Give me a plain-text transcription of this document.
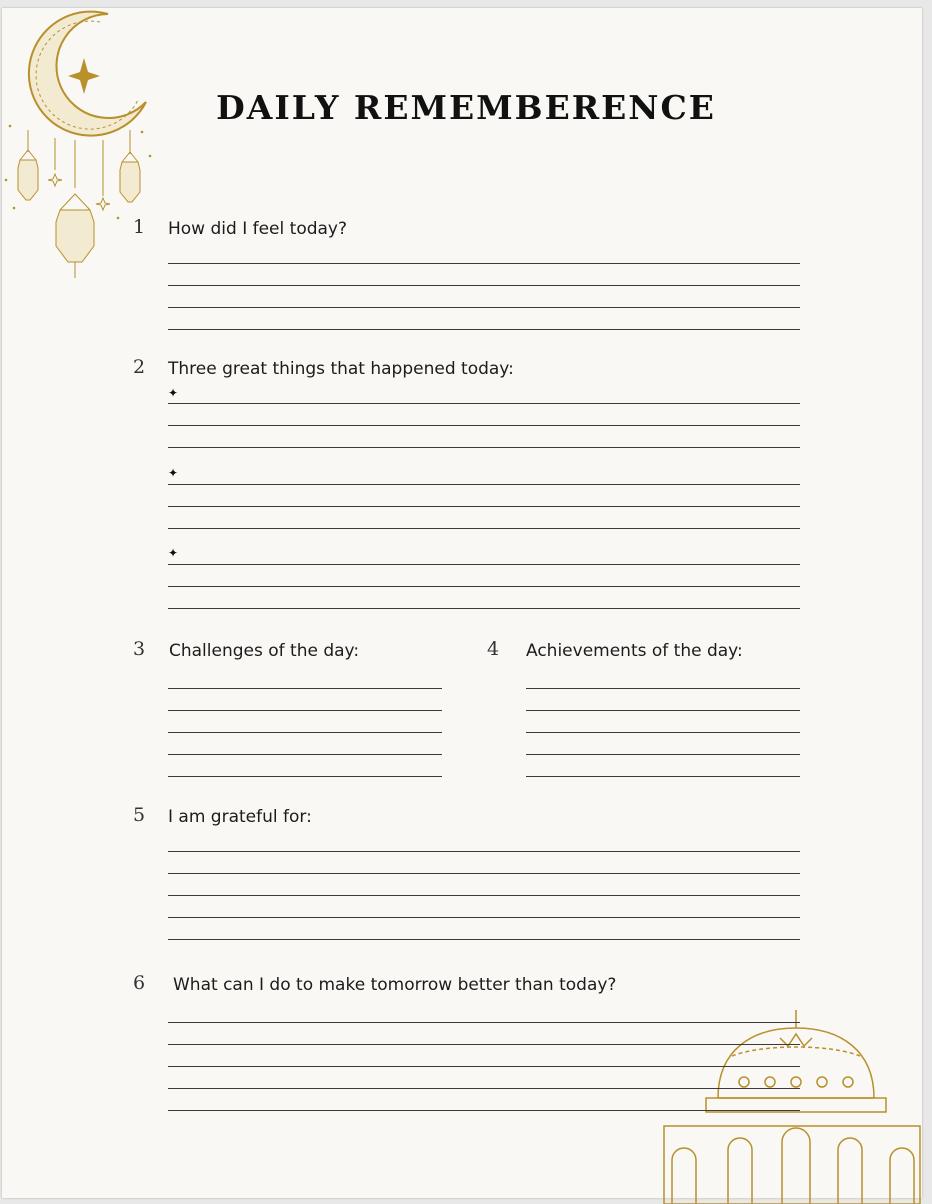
DAILY REMEMBERENCE
1 How did I feel today?
2 Three great things that happened today:
✦
✦
✦
3 Challenges of the day:	4 Achievements of the day:
5 I am grateful for:
6 What can I do to make tomorrow better than today?
